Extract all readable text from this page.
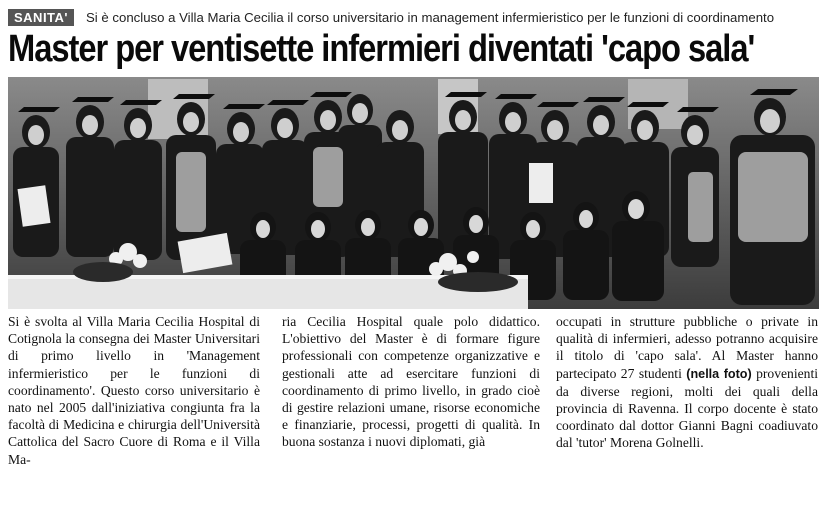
SANITA'	Si è concluso a Villa Maria Cecilia il corso universitario in management infermieristico per le funzioni di coordinamento
Master per ventisette infermieri diventati 'capo sala'
Si è svolta al Villa Maria Cecilia Hospital di Cotignola la consegna dei Master Universitari di primo livello in 'Management infermieristico per le funzioni di coordinamento'. Questo corso universitario è nato nel 2005 dall'iniziativa congiunta fra la facoltà di Medicina e chirurgia dell'Università Cattolica del Sacro Cuore di Roma e il Villa Ma-
ria Cecilia Hospital quale polo didattico. L'obiettivo del Master è di formare figure professionali con competenze organizzative e gestionali atte ad esercitare funzioni di coordinamento di primo livello, in grado cioè di gestire relazioni umane, risorse economiche e finanziarie, processi, progetti di qualità. In buona sostanza i nuovi diplomati, già
occupati in strutture pubbliche o private in qualità di infermieri, adesso potranno acquisire il titolo di 'capo sala'. Al Master hanno partecipato 27 studenti (nella foto) provenienti da diverse regioni, molti dei quali della provincia di Ravenna. Il corpo docente è stato coordinato dal dottor Gianni Bagni coadiuvato dal 'tutor' Morena Golnelli.
